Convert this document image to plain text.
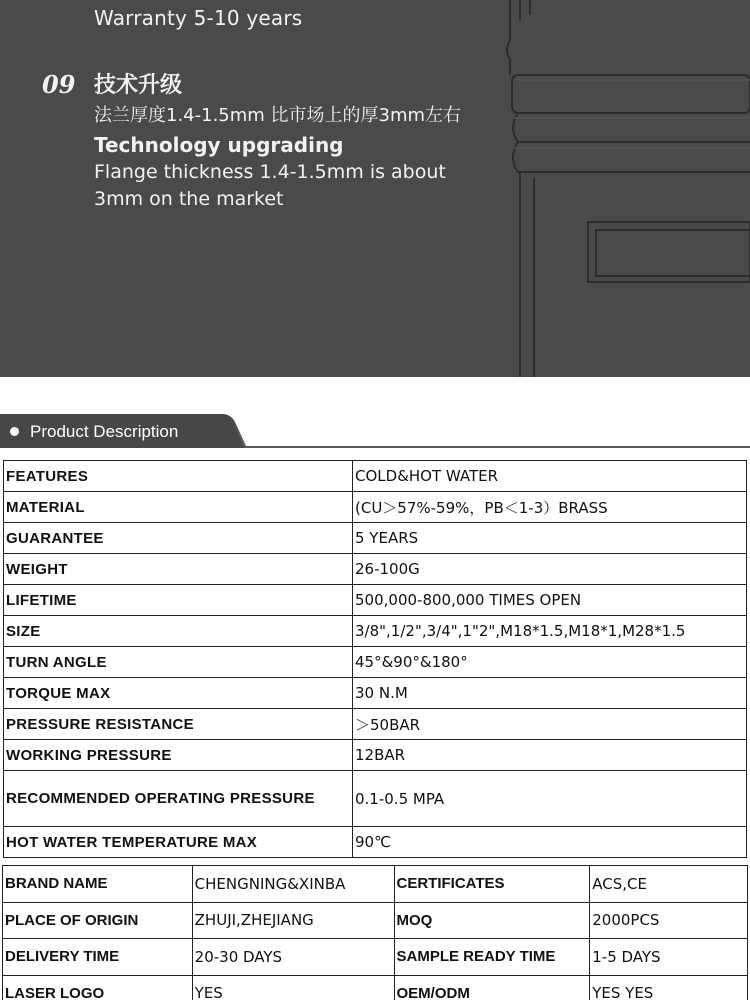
Warranty 5-10 years
09 技术升级
法兰厚度1.4-1.5mm 比市场上的厚3mm左右
Technology upgrading
Flange thickness 1.4-1.5mm is about
3mm on the market
Product Description
FEATURES	COLD&HOT WATER
MATERIAL	(CU＞57%-59%，PB＜1-3）BRASS
GUARANTEE	5 YEARS
WEIGHT	26-100G
LIFETIME	500,000-800,000 TIMES OPEN
SIZE	3/8",1/2",3/4",1"2",M18*1.5,M18*1,M28*1.5
TURN ANGLE	45°&90°&180°
TORQUE MAX	30 N.M
PRESSURE RESISTANCE	＞50BAR
WORKING PRESSURE	12BAR
RECOMMENDED OPERATING PRESSURE	0.1-0.5 MPA
HOT WATER TEMPERATURE MAX	90℃
BRAND NAME	CHENGNING&XINBA	CERTIFICATES	ACS,CE
PLACE OF ORIGIN	ZHUJI,ZHEJIANG	MOQ	2000PCS
DELIVERY TIME	20-30 DAYS	SAMPLE READY TIME	1-5 DAYS
LASER LOGO	YES	OEM/ODM	YES YES
